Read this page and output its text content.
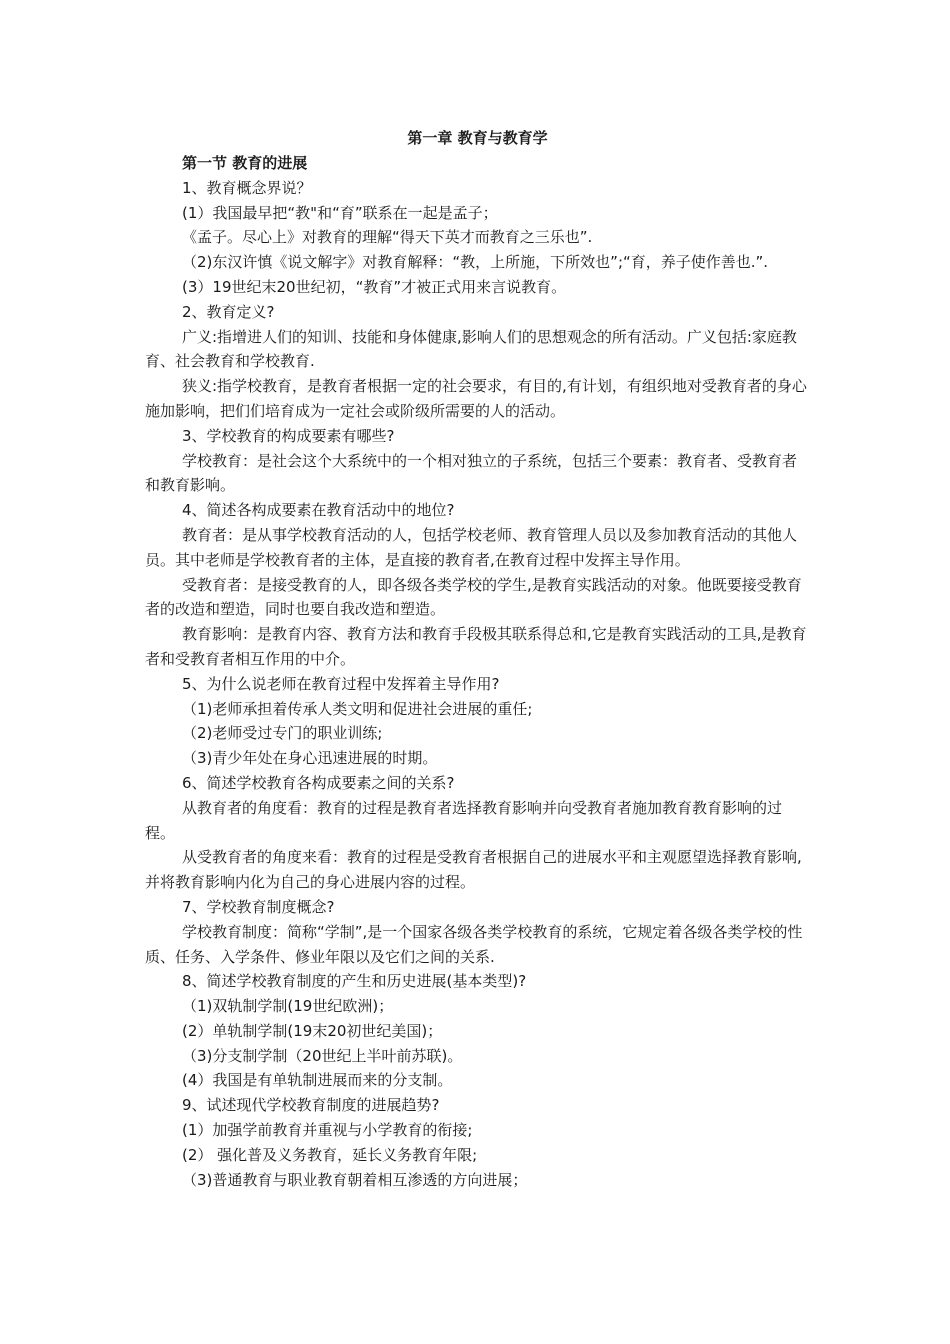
第一章 教育与教育学
第一节 教育的进展
1、教育概念界说？
(1）我国最早把“教"和“育”联系在一起是孟子；
《孟子。尽心上》对教育的理解“得天下英才而教育之三乐也”.
（2)东汉许慎《说文解字》对教育解释：“教，上所施，下所效也”;“育，养子使作善也.”.
(3）19世纪末20世纪初，“教育”才被正式用来言说教育。
2、教育定义?
广义:指增进人们的知训、技能和身体健康,影响人们的思想观念的所有活动。广义包括:家庭教育、社会教育和学校教育.
狭义:指学校教育，是教育者根据一定的社会要求，有目的,有计划，有组织地对受教育者的身心施加影响，把们们培育成为一定社会或阶级所需要的人的活动。
3、学校教育的构成要素有哪些?
学校教育：是社会这个大系统中的一个相对独立的子系统，包括三个要素：教育者、受教育者和教育影响。
4、简述各构成要素在教育活动中的地位?
教育者：是从事学校教育活动的人，包括学校老师、教育管理人员以及参加教育活动的其他人员。其中老师是学校教育者的主体，是直接的教育者,在教育过程中发挥主导作用。
受教育者：是接受教育的人，即各级各类学校的学生,是教育实践活动的对象。他既要接受教育者的改造和塑造，同时也要自我改造和塑造。
教育影响：是教育内容、教育方法和教育手段极其联系得总和,它是教育实践活动的工具,是教育者和受教育者相互作用的中介。
5、为什么说老师在教育过程中发挥着主导作用?
（1)老师承担着传承人类文明和促进社会进展的重任;
（2)老师受过专门的职业训练;
（3)青少年处在身心迅速进展的时期。
6、简述学校教育各构成要素之间的关系?
从教育者的角度看：教育的过程是教育者选择教育影响并向受教育者施加教育教育影响的过程。
从受教育者的角度来看：教育的过程是受教育者根据自己的进展水平和主观愿望选择教育影响,并将教育影响内化为自己的身心进展内容的过程。
7、学校教育制度概念?
学校教育制度：简称“学制”,是一个国家各级各类学校教育的系统，它规定着各级各类学校的性质、任务、入学条件、修业年限以及它们之间的关系.
8、简述学校教育制度的产生和历史进展(基本类型)?
（1)双轨制学制(19世纪欧洲)；
(2）单轨制学制(19末20初世纪美国)；
（3)分支制学制（20世纪上半叶前苏联)。
(4）我国是有单轨制进展而来的分支制。
9、试述现代学校教育制度的进展趋势?
(1）加强学前教育并重视与小学教育的衔接;
(2） 强化普及义务教育，延长义务教育年限;
（3)普通教育与职业教育朝着相互渗透的方向进展；
